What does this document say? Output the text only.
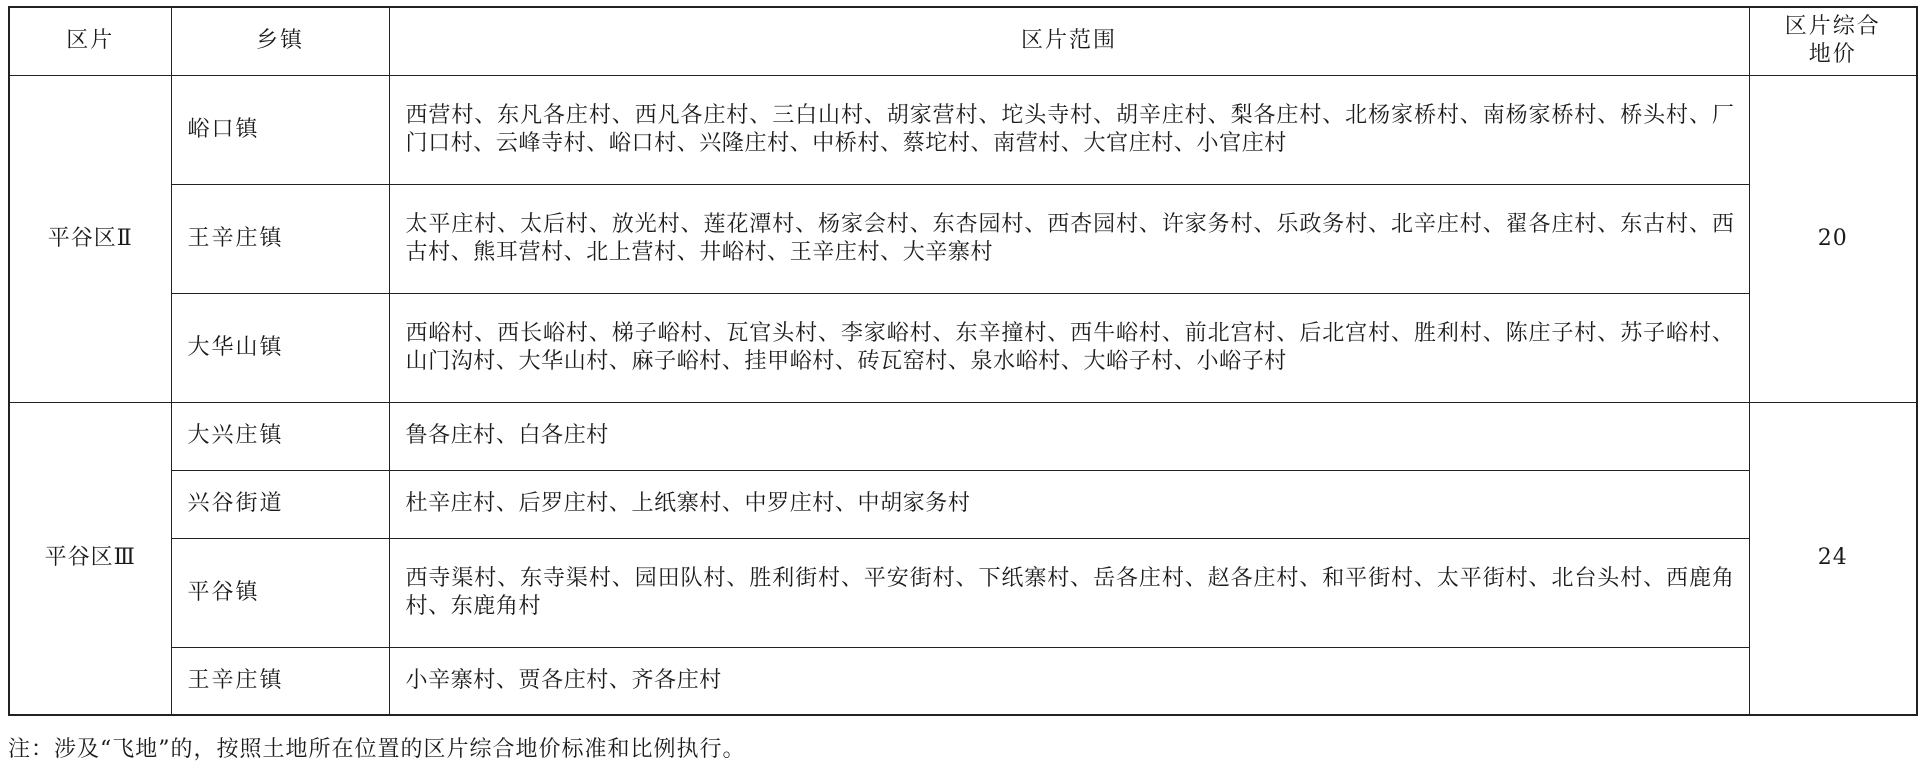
区片	乡镇	区片范围	区片综合
地价
平谷区Ⅱ	峪口镇	西营村、东凡各庄村、西凡各庄村、三白山村、胡家营村、坨头寺村、胡辛庄村、梨各庄村、北杨家桥村、南杨家桥村、桥头村、厂门口村、云峰寺村、峪口村、兴隆庄村、中桥村、蔡坨村、南营村、大官庄村、小官庄村	20
	王辛庄镇	太平庄村、太后村、放光村、莲花潭村、杨家会村、东杏园村、西杏园村、许家务村、乐政务村、北辛庄村、翟各庄村、东古村、西古村、熊耳营村、北上营村、井峪村、王辛庄村、大辛寨村	
	大华山镇	西峪村、西长峪村、梯子峪村、瓦官头村、李家峪村、东辛撞村、西牛峪村、前北宫村、后北宫村、胜利村、陈庄子村、苏子峪村、山门沟村、大华山村、麻子峪村、挂甲峪村、砖瓦窑村、泉水峪村、大峪子村、小峪子村	
平谷区Ⅲ	大兴庄镇	鲁各庄村、白各庄村	24
	兴谷街道	杜辛庄村、后罗庄村、上纸寨村、中罗庄村、中胡家务村	
	平谷镇	西寺渠村、东寺渠村、园田队村、胜利街村、平安街村、下纸寨村、岳各庄村、赵各庄村、和平街村、太平街村、北台头村、西鹿角村、东鹿角村	
	王辛庄镇	小辛寨村、贾各庄村、齐各庄村	
注：涉及“飞地”的，按照土地所在位置的区片综合地价标准和比例执行。
